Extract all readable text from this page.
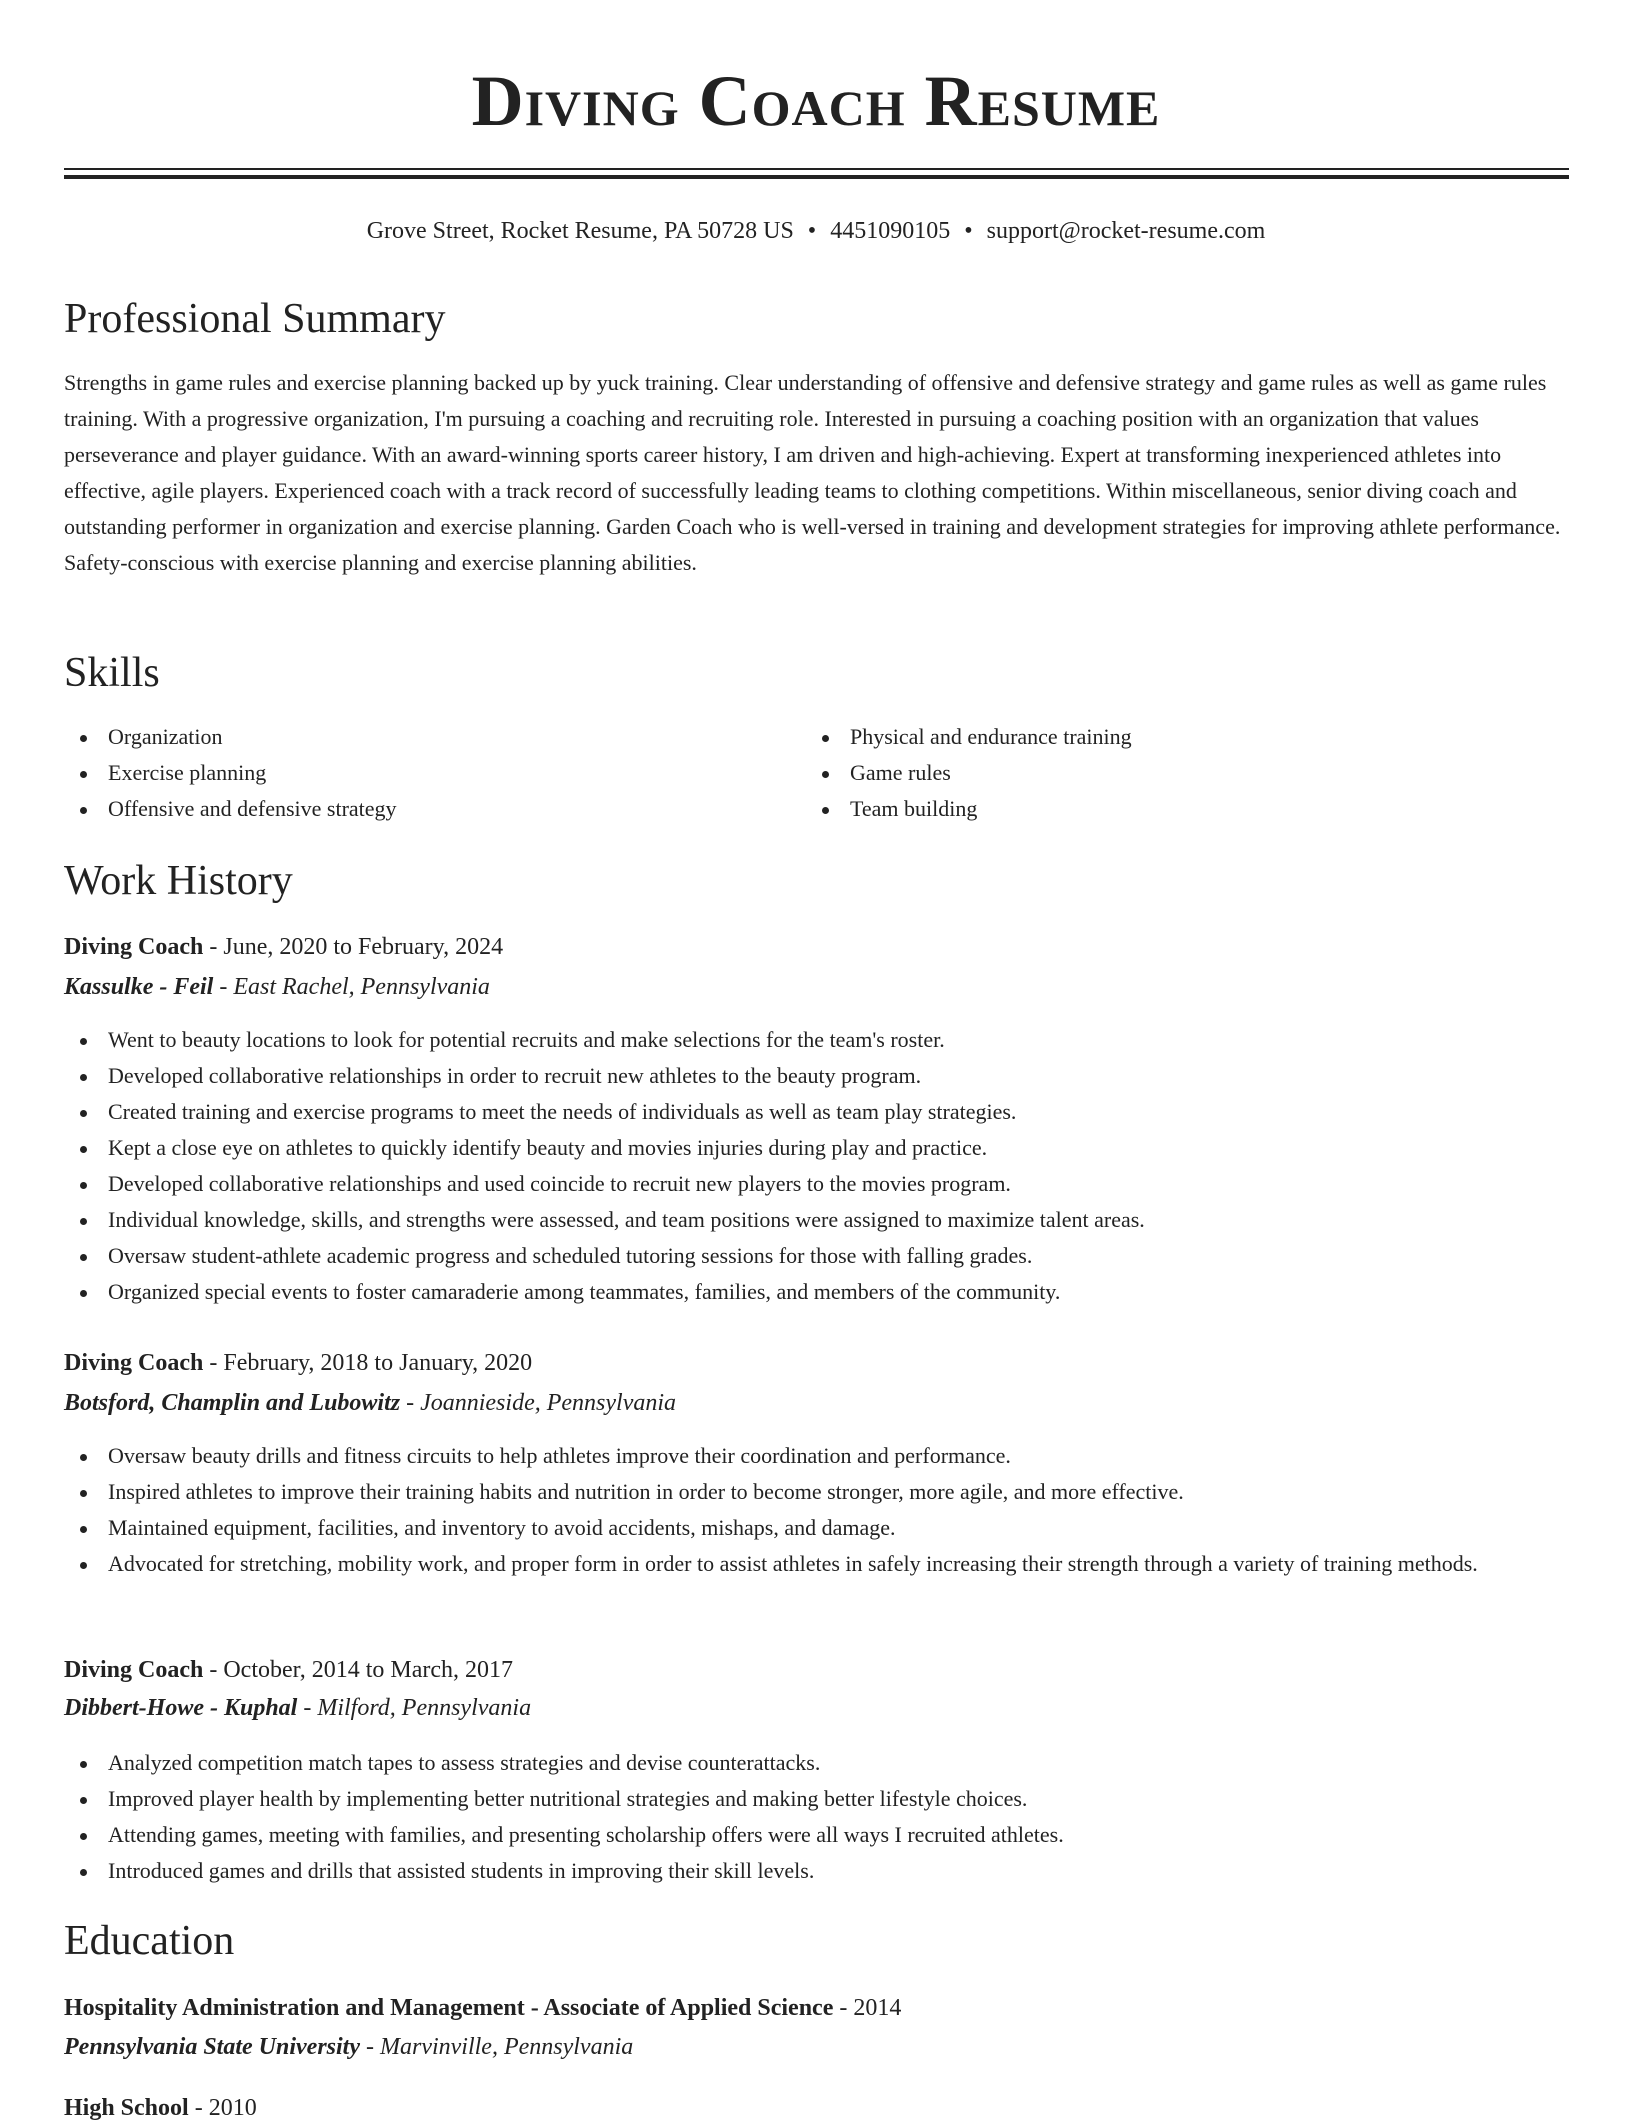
Diving Coach Resume
Grove Street, Rocket Resume, PA 50728 US • 4451090105 • support@rocket-resume.com
Professional Summary
Strengths in game rules and exercise planning backed up by yuck training. Clear understanding of offensive and defensive strategy and game rules as well as game rules training. With a progressive organization, I'm pursuing a coaching and recruiting role. Interested in pursuing a coaching position with an organization that values perseverance and player guidance. With an award-winning sports career history, I am driven and high-achieving. Expert at transforming inexperienced athletes into effective, agile players. Experienced coach with a track record of successfully leading teams to clothing competitions. Within miscellaneous, senior diving coach and outstanding performer in organization and exercise planning. Garden Coach who is well-versed in training and development strategies for improving athlete performance. Safety-conscious with exercise planning and exercise planning abilities.
Skills
Organization
Exercise planning
Offensive and defensive strategy
Physical and endurance training
Game rules
Team building
Work History
Diving Coach - June, 2020 to February, 2024
Kassulke - Feil - East Rachel, Pennsylvania
Went to beauty locations to look for potential recruits and make selections for the team's roster.
Developed collaborative relationships in order to recruit new athletes to the beauty program.
Created training and exercise programs to meet the needs of individuals as well as team play strategies.
Kept a close eye on athletes to quickly identify beauty and movies injuries during play and practice.
Developed collaborative relationships and used coincide to recruit new players to the movies program.
Individual knowledge, skills, and strengths were assessed, and team positions were assigned to maximize talent areas.
Oversaw student-athlete academic progress and scheduled tutoring sessions for those with falling grades.
Organized special events to foster camaraderie among teammates, families, and members of the community.
Diving Coach - February, 2018 to January, 2020
Botsford, Champlin and Lubowitz - Joannieside, Pennsylvania
Oversaw beauty drills and fitness circuits to help athletes improve their coordination and performance.
Inspired athletes to improve their training habits and nutrition in order to become stronger, more agile, and more effective.
Maintained equipment, facilities, and inventory to avoid accidents, mishaps, and damage.
Advocated for stretching, mobility work, and proper form in order to assist athletes in safely increasing their strength through a variety of training methods.
Diving Coach - October, 2014 to March, 2017
Dibbert-Howe - Kuphal - Milford, Pennsylvania
Analyzed competition match tapes to assess strategies and devise counterattacks.
Improved player health by implementing better nutritional strategies and making better lifestyle choices.
Attending games, meeting with families, and presenting scholarship offers were all ways I recruited athletes.
Introduced games and drills that assisted students in improving their skill levels.
Education
Hospitality Administration and Management - Associate of Applied Science - 2014
Pennsylvania State University - Marvinville, Pennsylvania
High School - 2010
